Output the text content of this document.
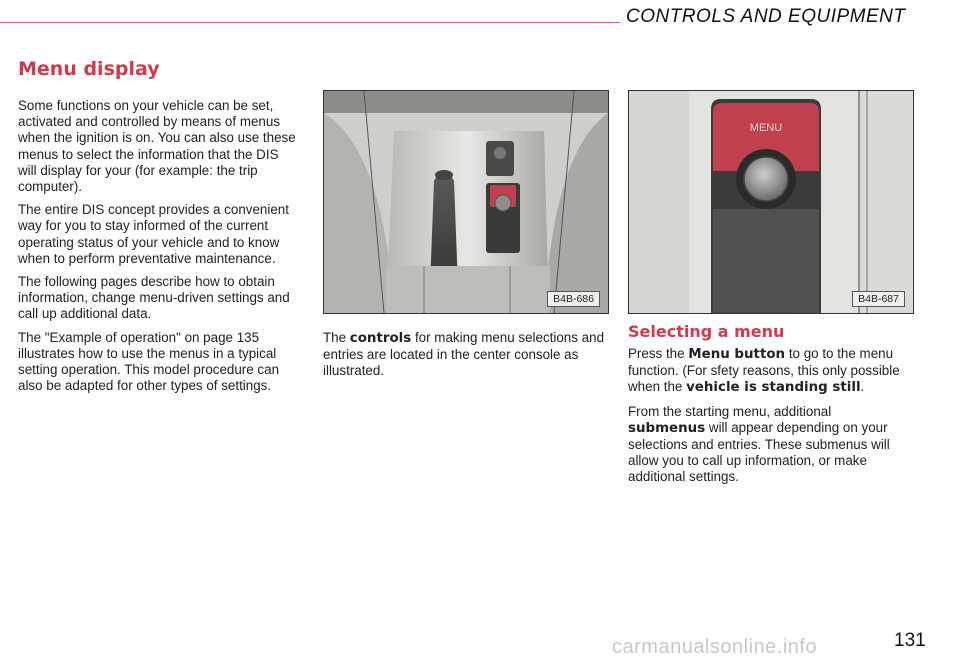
CONTROLS AND EQUIPMENT
Menu display

Some functions on your vehicle can be set, activated and controlled by means of menus when the ignition is on. You can also use these menus to select the information that the DIS will display for your (for example: the trip computer).

The entire DIS concept provides a convenient way for you to stay informed of the current operating status of your vehicle and to know when to perform preventative maintenance.

The following pages describe how to obtain information, change menu-driven settings and call up additional data.

The "Example of operation" on page 135 illustrates how to use the menus in a typical setting operation. This model procedure can also be adapted for other types of settings.

B4B-686

The controls for making menu selections and entries are located in the center console as illustrated.

MENU
B4B-687
Selecting a menu

Press the Menu button to go to the menu function. (For sfety reasons, this only possible when the vehicle is standing still.

From the starting menu, additional submenus will appear depending on your selections and entries. These submenus will allow you to call up information, or make additional settings.

carmanualsonline.info	131
